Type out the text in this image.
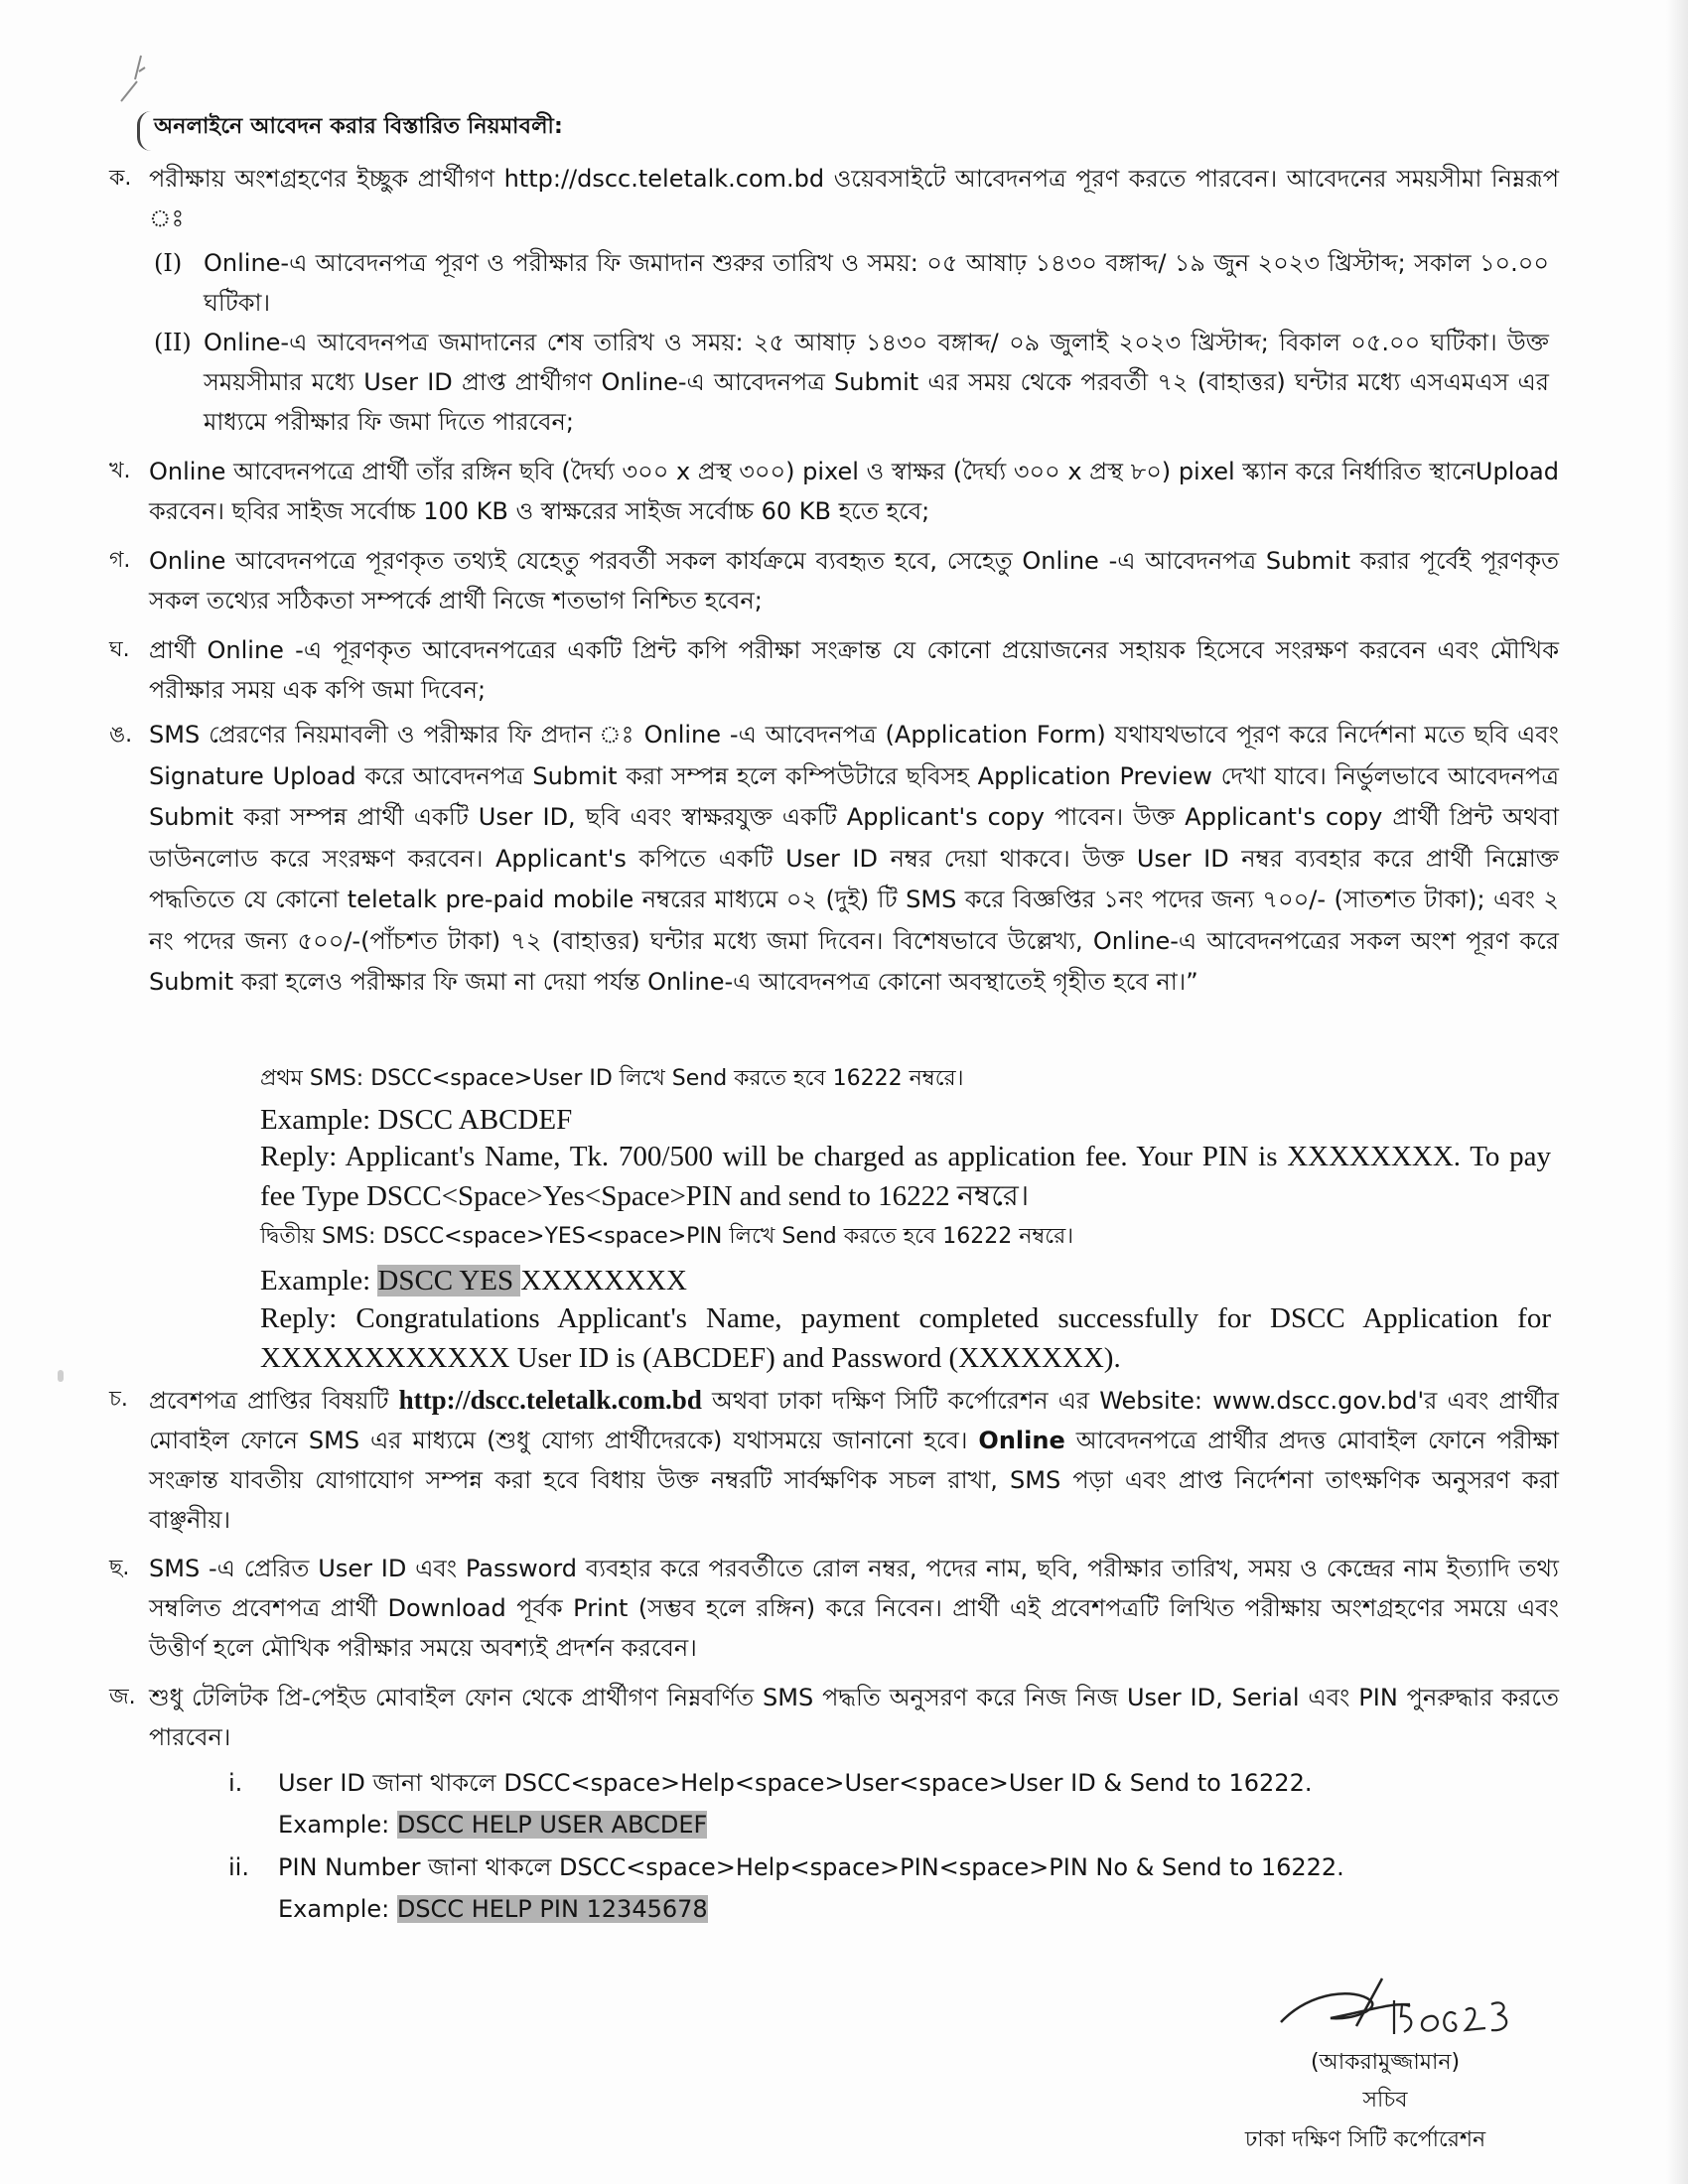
অনলাইনে আবেদন করার বিস্তারিত নিয়মাবলী:
ক. পরীক্ষায় অংশগ্রহণের ইচ্ছুক প্রার্থীগণ http://dscc.teletalk.com.bd ওয়েবসাইটে আবেদনপত্র পূরণ করতে পারবেন। আবেদনের সময়সীমা নিম্নরূপ ঃ
(I) Online-এ আবেদনপত্র পূরণ ও পরীক্ষার ফি জমাদান শুরুর তারিখ ও সময়: ০৫ আষাঢ় ১৪৩০ বঙ্গাব্দ/ ১৯ জুন ২০২৩ খ্রিস্টাব্দ; সকাল ১০.০০ ঘটিকা।
(II) Online-এ আবেদনপত্র জমাদানের শেষ তারিখ ও সময়: ২৫ আষাঢ় ১৪৩০ বঙ্গাব্দ/ ০৯ জুলাই ২০২৩ খ্রিস্টাব্দ; বিকাল ০৫.০০ ঘটিকা। উক্ত সময়সীমার মধ্যে User ID প্রাপ্ত প্রার্থীগণ Online-এ আবেদনপত্র Submit এর সময় থেকে পরবর্তী ৭২ (বাহাত্তর) ঘন্টার মধ্যে এসএমএস এর মাধ্যমে পরীক্ষার ফি জমা দিতে পারবেন;
খ. Online আবেদনপত্রে প্রার্থী তাঁর রঙ্গিন ছবি (দৈর্ঘ্য ৩০০ x প্রস্থ ৩০০) pixel ও স্বাক্ষর (দৈর্ঘ্য ৩০০ x প্রস্থ ৮০) pixel স্ক্যান করে নির্ধারিত স্থানেUpload করবেন। ছবির সাইজ সর্বোচ্চ 100 KB ও স্বাক্ষরের সাইজ সর্বোচ্চ 60 KB হতে হবে;
গ. Online আবেদনপত্রে পূরণকৃত তথ্যই যেহেতু পরবর্তী সকল কার্যক্রমে ব্যবহৃত হবে, সেহেতু Online -এ আবেদনপত্র Submit করার পূর্বেই পূরণকৃত সকল তথ্যের সঠিকতা সম্পর্কে প্রার্থী নিজে শতভাগ নিশ্চিত হবেন;
ঘ. প্রার্থী Online -এ পূরণকৃত আবেদনপত্রের একটি প্রিন্ট কপি পরীক্ষা সংক্রান্ত যে কোনো প্রয়োজনের সহায়ক হিসেবে সংরক্ষণ করবেন এবং মৌখিক পরীক্ষার সময় এক কপি জমা দিবেন;
ঙ. SMS প্রেরণের নিয়মাবলী ও পরীক্ষার ফি প্রদান ঃ Online -এ আবেদনপত্র (Application Form) যথাযথভাবে পূরণ করে নির্দেশনা মতে ছবি এবং Signature Upload করে আবেদনপত্র Submit করা সম্পন্ন হলে কম্পিউটারে ছবিসহ Application Preview দেখা যাবে। নির্ভুলভাবে আবেদনপত্র Submit করা সম্পন্ন প্রার্থী একটি User ID, ছবি এবং স্বাক্ষরযুক্ত একটি Applicant's copy পাবেন। উক্ত Applicant's copy প্রার্থী প্রিন্ট অথবা ডাউনলোড করে সংরক্ষণ করবেন। Applicant's কপিতে একটি User ID নম্বর দেয়া থাকবে। উক্ত User ID নম্বর ব্যবহার করে প্রার্থী নিম্নোক্ত পদ্ধতিতে যে কোনো teletalk pre-paid mobile নম্বরের মাধ্যমে ০২ (দুই) টি SMS করে বিজ্ঞপ্তির ১নং পদের জন্য ৭০০/- (সাতশত টাকা); এবং ২ নং পদের জন্য ৫০০/-(পাঁচশত টাকা) ৭২ (বাহাত্তর) ঘন্টার মধ্যে জমা দিবেন। বিশেষভাবে উল্লেখ্য, Online-এ আবেদনপত্রের সকল অংশ পূরণ করে Submit করা হলেও পরীক্ষার ফি জমা না দেয়া পর্যন্ত Online-এ আবেদনপত্র কোনো অবস্থাতেই গৃহীত হবে না।”
প্রথম SMS: DSCC<space>User ID লিখে Send করতে হবে 16222 নম্বরে।
Example: DSCC ABCDEF
Reply: Applicant's Name, Tk. 700/500 will be charged as application fee. Your PIN is XXXXXXXX. To pay fee Type DSCC<Space>Yes<Space>PIN and send to 16222 নম্বরে।
দ্বিতীয় SMS: DSCC<space>YES<space>PIN লিখে Send করতে হবে 16222 নম্বরে।
Example: DSCC YES XXXXXXXX
Reply: Congratulations Applicant's Name, payment completed successfully for DSCC Application for XXXXXXXXXXXX User ID is (ABCDEF) and Password (XXXXXXX).
চ. প্রবেশপত্র প্রাপ্তির বিষয়টি http://dscc.teletalk.com.bd অথবা ঢাকা দক্ষিণ সিটি কর্পোরেশন এর Website: www.dscc.gov.bd'র এবং প্রার্থীর মোবাইল ফোনে SMS এর মাধ্যমে (শুধু যোগ্য প্রার্থীদেরকে) যথাসময়ে জানানো হবে। Online আবেদনপত্রে প্রার্থীর প্রদত্ত মোবাইল ফোনে পরীক্ষা সংক্রান্ত যাবতীয় যোগাযোগ সম্পন্ন করা হবে বিধায় উক্ত নম্বরটি সার্বক্ষণিক সচল রাখা, SMS পড়া এবং প্রাপ্ত নির্দেশনা তাৎক্ষণিক অনুসরণ করা বাঞ্ছনীয়।
ছ. SMS -এ প্রেরিত User ID এবং Password ব্যবহার করে পরবর্তীতে রোল নম্বর, পদের নাম, ছবি, পরীক্ষার তারিখ, সময় ও কেন্দ্রের নাম ইত্যাদি তথ্য সম্বলিত প্রবেশপত্র প্রার্থী Download পূর্বক Print (সম্ভব হলে রঙ্গিন) করে নিবেন। প্রার্থী এই প্রবেশপত্রটি লিখিত পরীক্ষায় অংশগ্রহণের সময়ে এবং উত্তীর্ণ হলে মৌখিক পরীক্ষার সময়ে অবশ্যই প্রদর্শন করবেন।
জ. শুধু টেলিটক প্রি-পেইড মোবাইল ফোন থেকে প্রার্থীগণ নিম্নবর্ণিত SMS পদ্ধতি অনুসরণ করে নিজ নিজ User ID, Serial এবং PIN পুনরুদ্ধার করতে পারবেন।
i. User ID জানা থাকলে DSCC<space>Help<space>User<space>User ID & Send to 16222.
Example: DSCC HELP USER ABCDEF
ii. PIN Number জানা থাকলে DSCC<space>Help<space>PIN<space>PIN No & Send to 16222.
Example: DSCC HELP PIN 12345678
(আকরামুজ্জামান)
সচিব
ঢাকা দক্ষিণ সিটি কর্পোরেশন
